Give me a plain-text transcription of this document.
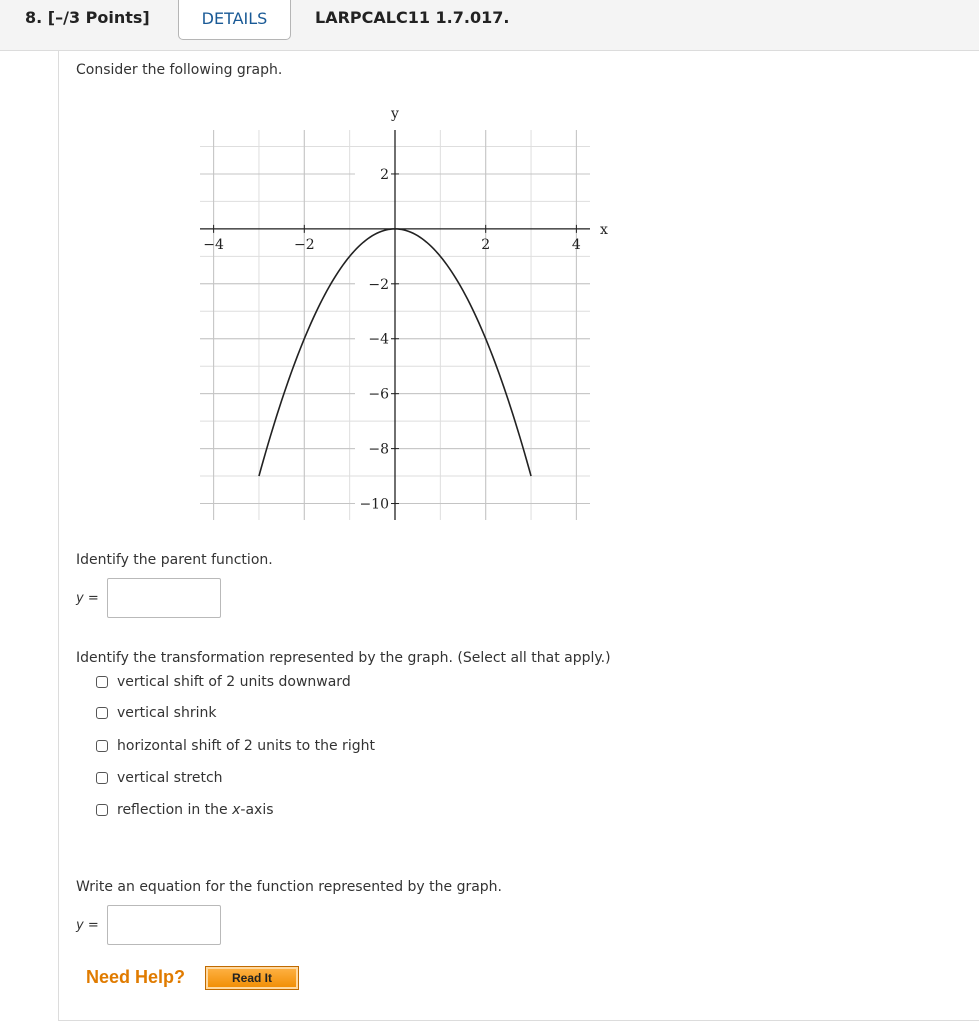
8. [–/3 Points]	DETAILS	LARPCALC11 1.7.017.
Consider the following graph.
−4	−2	2	4
2
−2
−4
−6
−8
−10
x
y
Identify the parent function.
y =
Identify the transformation represented by the graph. (Select all that apply.)
vertical shift of 2 units downward
vertical shrink
horizontal shift of 2 units to the right
vertical stretch
reflection in the x-axis
Write an equation for the function represented by the graph.
y =
Need Help?	Read It
